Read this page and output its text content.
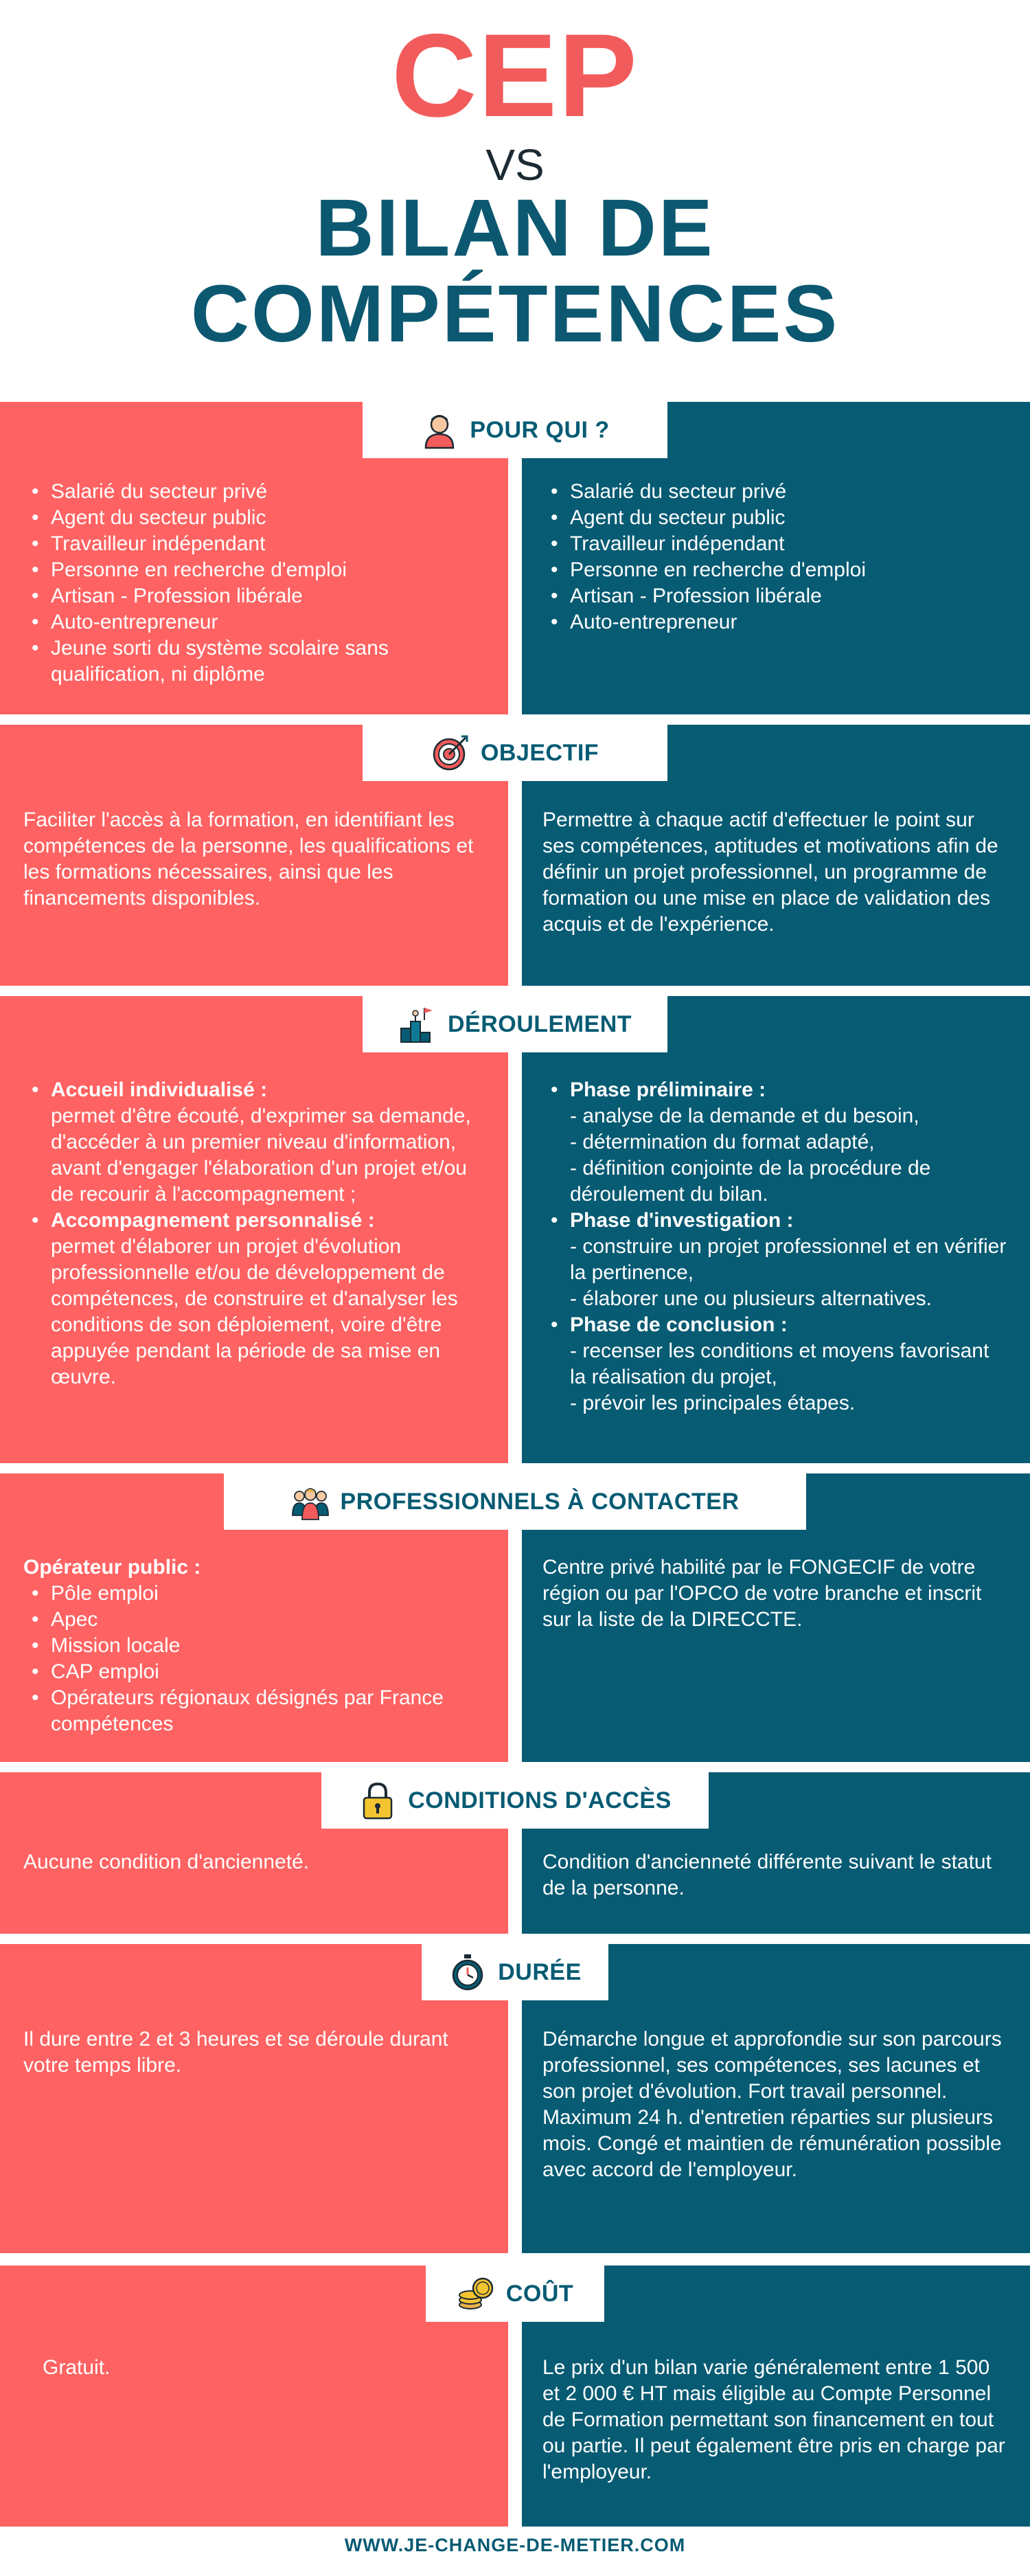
CEP
VS
BILAN DE
COMPÉTENCES
• Salarié du secteur privé
• Agent du secteur public
• Travailleur indépendant
• Personne en recherche d'emploi
• Artisan - Profession libérale
• Auto-entrepreneur
• Jeune sorti du système scolaire sans qualification, ni diplôme
• Salarié du secteur privé
• Agent du secteur public
• Travailleur indépendant
• Personne en recherche d'emploi
• Artisan - Profession libérale
• Auto-entrepreneur
POUR QUI ?
Faciliter l'accès à la formation, en identifiant les compétences de la personne, les qualifications et les formations nécessaires, ainsi que les financements disponibles.
Permettre à chaque actif d'effectuer le point sur ses compétences, aptitudes et motivations afin de définir un projet professionnel, un programme de formation ou une mise en place de validation des acquis et de l'expérience.
OBJECTIF
• Accueil individualisé :
permet d'être écouté, d'exprimer sa demande, d'accéder à un premier niveau d'information, avant d'engager l'élaboration d'un projet et/ou de recourir à l'accompagnement ;
• Accompagnement personnalisé :
permet d'élaborer un projet d'évolution professionnelle et/ou de développement de compétences, de construire et d'analyser les conditions de son déploiement, voire d'être appuyée pendant la période de sa mise en œuvre.
• Phase préliminaire :
- analyse de la demande et du besoin,
- détermination du format adapté,
- définition conjointe de la procédure de déroulement du bilan.
• Phase d'investigation :
- construire un projet professionnel et en vérifier la pertinence,
- élaborer une ou plusieurs alternatives.
• Phase de conclusion :
- recenser les conditions et moyens favorisant la réalisation du projet,
- prévoir les principales étapes.
DÉROULEMENT
Opérateur public :
• Pôle emploi
• Apec
• Mission locale
• CAP emploi
• Opérateurs régionaux désignés par France compétences
Centre privé habilité par le FONGECIF de votre région ou par l'OPCO de votre branche et inscrit sur la liste de la DIRECCTE.
PROFESSIONNELS À CONTACTER
Aucune condition d'ancienneté.	Condition d'ancienneté différente suivant le statut de la personne.
CONDITIONS D'ACCÈS
Il dure entre 2 et 3 heures et se déroule durant votre temps libre.
Démarche longue et approfondie sur son parcours professionnel, ses compétences, ses lacunes et son projet d'évolution. Fort travail personnel.
Maximum 24 h. d'entretien réparties sur plusieurs mois. Congé et maintien de rémunération possible avec accord de l'employeur.
DURÉE
Gratuit.	Le prix d'un bilan varie généralement entre 1 500 et 2 000 € HT mais éligible au Compte Personnel de Formation permettant son financement en tout ou partie. Il peut également être pris en charge par l'employeur.
COÛT
WWW.JE-CHANGE-DE-METIER.COM
